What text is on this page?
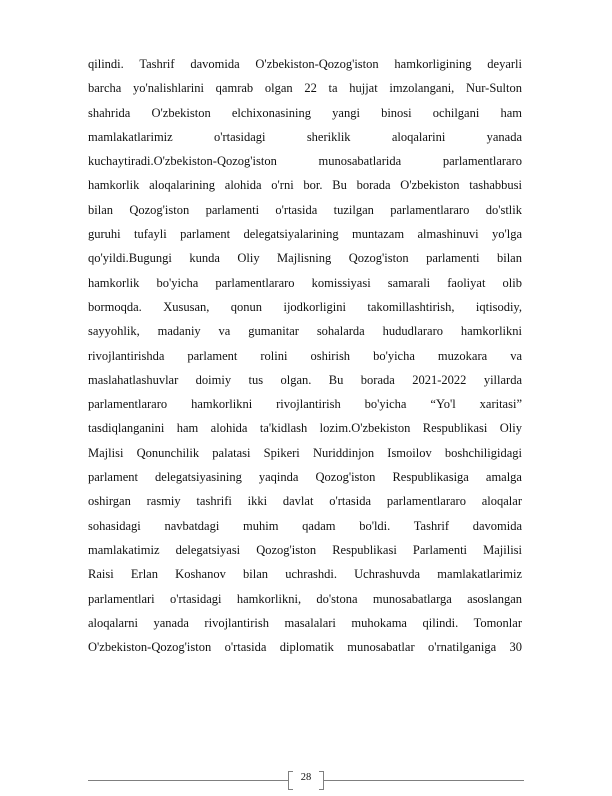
qilindi. Tashrif davomida O'zbekiston-Qozog'iston hamkorligining deyarli
barcha yo'nalishlarini qamrab olgan 22 ta hujjat imzolangani, Nur-Sulton
shahrida O'zbekiston elchixonasining yangi binosi ochilgani ham
mamlakatlarimiz o'rtasidagi sheriklik aloqalarini yanada
kuchaytiradi.O'zbekiston-Qozog'iston munosabatlarida parlamentlararo
hamkorlik aloqalarining alohida o'rni bor. Bu borada O'zbekiston tashabbusi
bilan Qozog'iston parlamenti o'rtasida tuzilgan parlamentlararo do'stlik
guruhi tufayli parlament delegatsiyalarining muntazam almashinuvi yo'lga
qo'yildi.Bugungi kunda Oliy Majlisning Qozog'iston parlamenti bilan
hamkorlik bo'yicha parlamentlararo komissiyasi samarali faoliyat olib
bormoqda. Xususan, qonun ijodkorligini takomillashtirish, iqtisodiy,
sayyohlik, madaniy va gumanitar sohalarda hududlararo hamkorlikni
rivojlantirishda parlament rolini oshirish bo'yicha muzokara va
maslahatlashuvlar doimiy tus olgan. Bu borada 2021-2022 yillarda
parlamentlararo hamkorlikni rivojlantirish bo'yicha “Yo'l xaritasi”
tasdiqlanganini ham alohida ta'kidlash lozim.O'zbekiston Respublikasi Oliy
Majlisi Qonunchilik palatasi Spikeri Nuriddinjon Ismoilov boshchiligidagi
parlament delegatsiyasining yaqinda Qozog'iston Respublikasiga amalga
oshirgan rasmiy tashrifi ikki davlat o'rtasida parlamentlararo aloqalar
sohasidagi navbatdagi muhim qadam bo'ldi. Tashrif davomida
mamlakatimiz delegatsiyasi Qozog'iston Respublikasi Parlamenti Majilisi
Raisi Erlan Koshanov bilan uchrashdi. Uchrashuvda mamlakatlarimiz
parlamentlari o'rtasidagi hamkorlikni, do'stona munosabatlarga asoslangan
aloqalarni yanada rivojlantirish masalalari muhokama qilindi. Tomonlar
O'zbekiston-Qozog'iston o'rtasida diplomatik munosabatlar o'rnatilganiga 30
28
